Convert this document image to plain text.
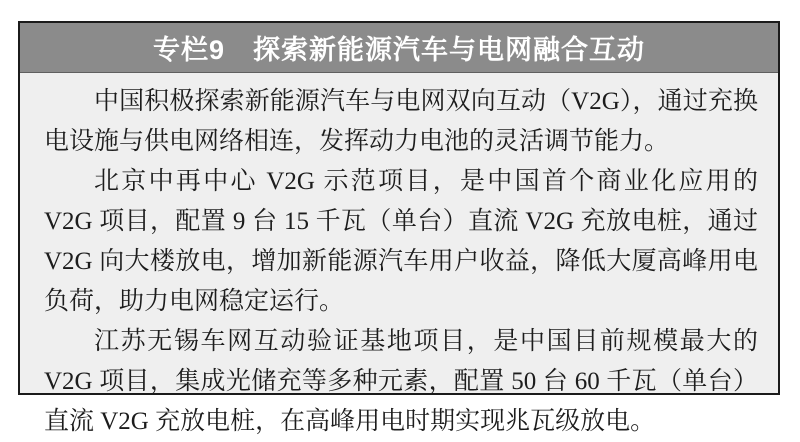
专栏9　探索新能源汽车与电网融合互动

中国积极探索新能源汽车与电网双向互动（V2G），通过充换电设施与供电网络相连，发挥动力电池的灵活调节能力。

北京中再中心 V2G 示范项目，是中国首个商业化应用的 V2G 项目，配置 9 台 15 千瓦（单台）直流 V2G 充放电桩，通过 V2G 向大楼放电，增加新能源汽车用户收益，降低大厦高峰用电负荷，助力电网稳定运行。

江苏无锡车网互动验证基地项目，是中国目前规模最大的 V2G 项目，集成光储充等多种元素，配置 50 台 60 千瓦（单台）直流 V2G 充放电桩，在高峰用电时期实现兆瓦级放电。
